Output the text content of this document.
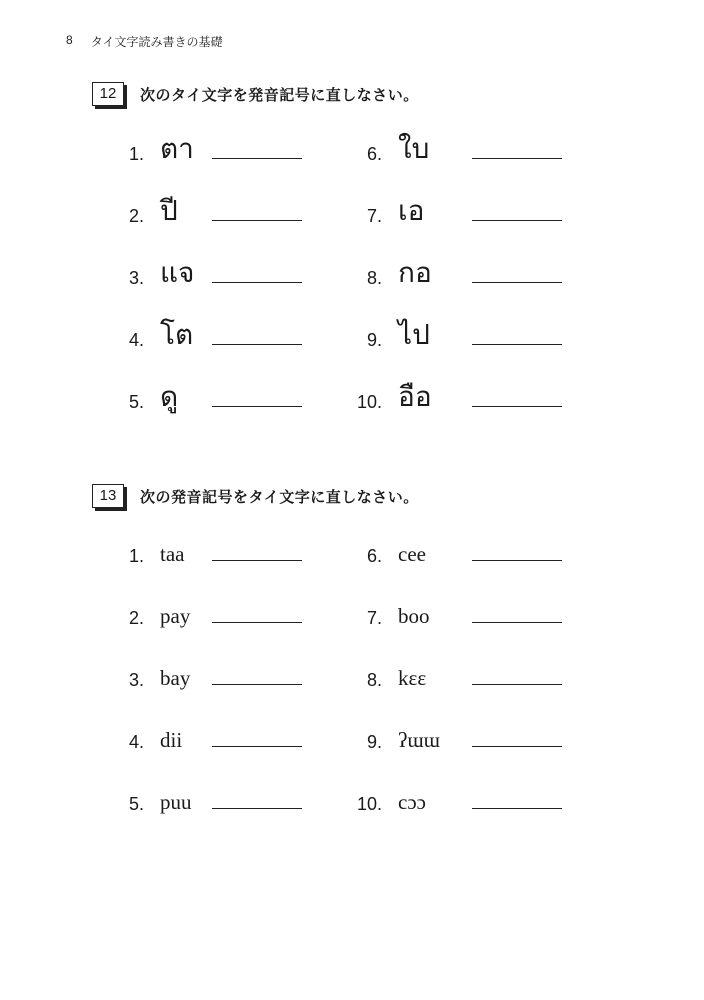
8 タイ文字読み書きの基礎
12	次のタイ文字を発音記号に直しなさい。
1. ตา
2. ปี
3. แจ
4. โต
5. ดู
6. ใบ
7. เอ
8. กอ
9. ไป
10. อือ
13	次の発音記号をタイ文字に直しなさい。
1. taa
2. pay
3. bay
4. dii
5. puu
6. cee
7. boo
8. kɛɛ
9. ʔɯɯ
10. cɔɔ
